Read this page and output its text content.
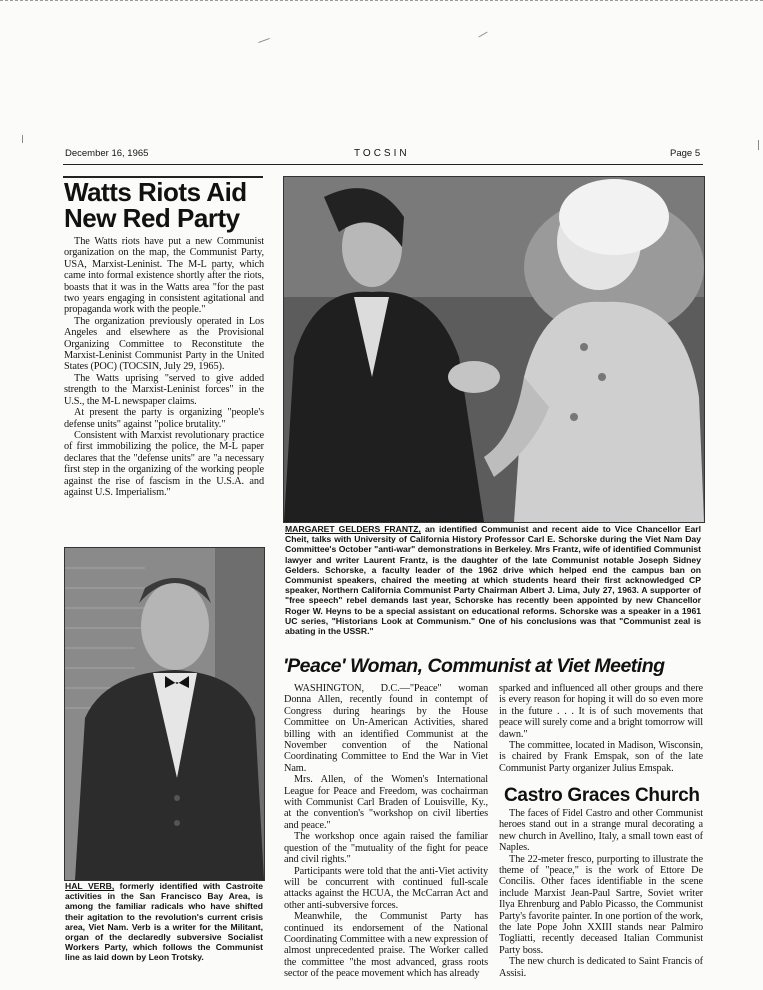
December 16, 1965	TOCSIN	Page 5
Watts Riots Aid
New Red Party

The Watts riots have put a new Communist organization on the map, the Communist Party, USA, Marxist-Leninist. The M-L party, which came into formal existence shortly after the riots, boasts that it was in the Watts area "for the past two years engaging in consistent agitational and propaganda work with the people."

The organization previously operated in Los Angeles and elsewhere as the Provisional Organizing Committee to Reconstitute the Marxist-Leninist Communist Party in the United States (POC) (TOCSIN, July 29, 1965).

The Watts uprising "served to give added strength to the Marxist-Leninist forces" in the U.S., the M-L newspaper claims.

At present the party is organizing "people's defense units" against "police brutality."

Consistent with Marxist revolutionary practice of first immobilizing the police, the M-L paper declares that the "defense units" are "a necessary first step in the organizing of the working people against the rise of fascism in the U.S.A. and against U.S. Imperialism."

MARGARET GELDERS FRANTZ, an identified Communist and recent aide to Vice Chancellor Earl Cheit, talks with University of California History Professor Carl E. Schorske during the Viet Nam Day Committee's October "anti-war" demonstrations in Berkeley. Mrs Frantz, wife of identified Communist lawyer and writer Laurent Frantz, is the daughter of the late Communist notable Joseph Sidney Gelders. Schorske, a faculty leader of the 1962 drive which helped end the campus ban on Communist speakers, chaired the meeting at which students heard their first acknowledged CP speaker, Northern California Communist Party Chairman Albert J. Lima, July 27, 1963. A supporter of "free speech" rebel demands last year, Schorske has recently been appointed by new Chancellor Roger W. Heyns to be a special assistant on educational reforms. Schorske was a speaker in a 1961 UC series, "Historians Look at Communism." One of his conclusions was that "Communist zeal is abating in the USSR."
HAL VERB, formerly identified with Castroite activities in the San Francisco Bay Area, is among the familiar radicals who have shifted their agitation to the revolution's current crisis area, Viet Nam. Verb is a writer for the Militant, organ of the declaredly subversive Socialist Workers Party, which follows the Communist line as laid down by Leon Trotsky.
'Peace' Woman, Communist at Viet Meeting

WASHINGTON, D.C.—"Peace" woman Donna Allen, recently found in contempt of Congress during hearings by the House Committee on Un-American Activities, shared billing with an identified Communist at the November convention of the National Coordinating Committee to End the War in Viet Nam.

Mrs. Allen, of the Women's International League for Peace and Freedom, was cochairman with Communist Carl Braden of Louisville, Ky., at the convention's "workshop on civil liberties and peace."

The workshop once again raised the familiar question of the "mutuality of the fight for peace and civil rights."

Participants were told that the anti-Viet activity will be concurrent with continued full-scale attacks against the HCUA, the McCarran Act and other anti-subversive forces.

Meanwhile, the Communist Party has continued its endorsement of the National Coordinating Committee with a new expression of almost unprecedented praise. The Worker called the committee "the most advanced, grass roots sector of the peace movement which has already

sparked and influenced all other groups and there is every reason for hoping it will do so even more in the future . . . It is of such movements that peace will surely come and a bright tomorrow will dawn."

The committee, located in Madison, Wisconsin, is chaired by Frank Emspak, son of the late Communist Party organizer Julius Emspak.

Castro Graces Church

The faces of Fidel Castro and other Communist heroes stand out in a strange mural decorating a new church in Avellino, Italy, a small town east of Naples.

The 22-meter fresco, purporting to illustrate the theme of "peace," is the work of Ettore De Concilis. Other faces identifiable in the scene include Marxist Jean-Paul Sartre, Soviet writer Ilya Ehrenburg and Pablo Picasso, the Communist Party's favorite painter. In one portion of the work, the late Pope John XXIII stands near Palmiro Togliatti, recently deceased Italian Communist Party boss.

The new church is dedicated to Saint Francis of Assisi.
